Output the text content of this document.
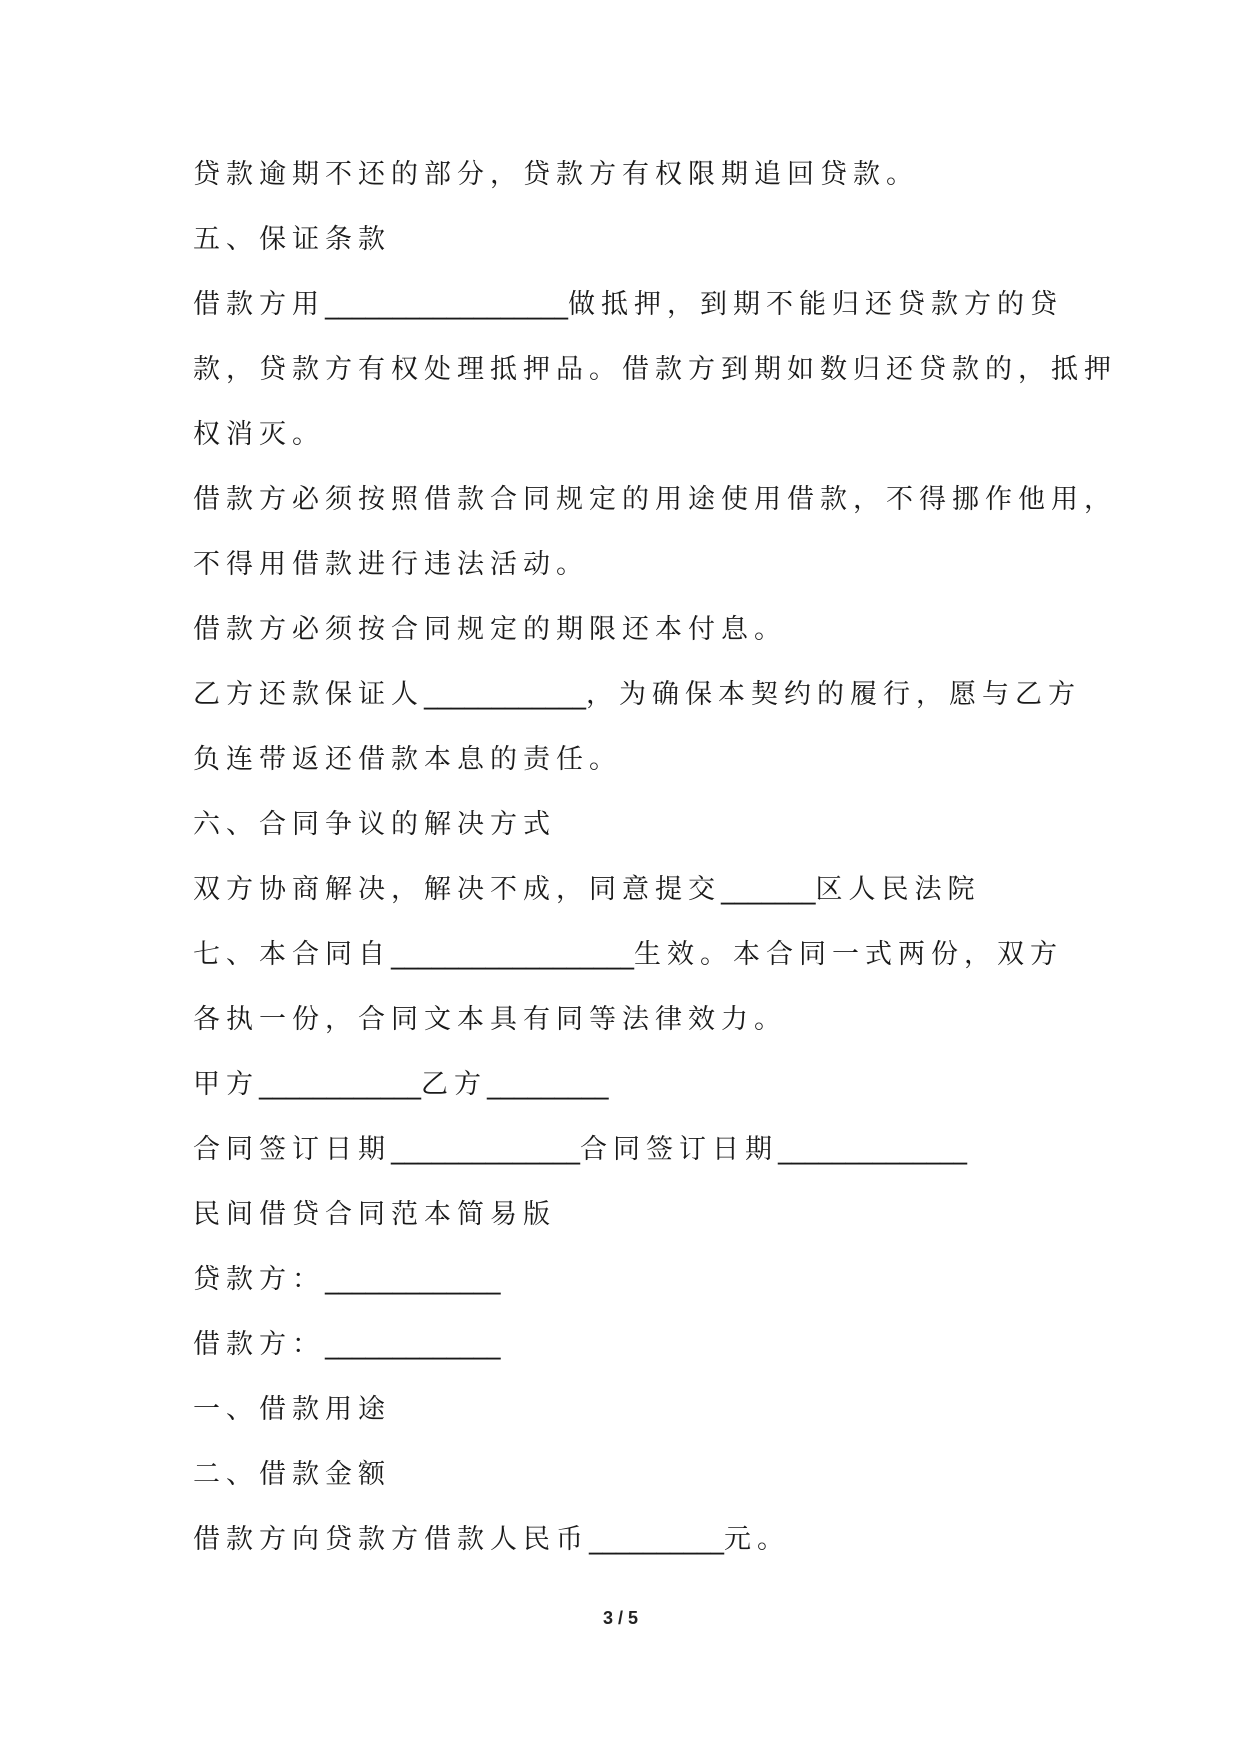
贷款逾期不还的部分，贷款方有权限期追回贷款。
五、保证条款
借款方用__________________做抵押，到期不能归还贷款方的贷
款，贷款方有权处理抵押品。借款方到期如数归还贷款的，抵押
权消灭。
借款方必须按照借款合同规定的用途使用借款，不得挪作他用，
不得用借款进行违法活动。
借款方必须按合同规定的期限还本付息。
乙方还款保证人____________，为确保本契约的履行，愿与乙方
负连带返还借款本息的责任。
六、合同争议的解决方式
双方协商解决，解决不成，同意提交_______区人民法院
七、本合同自__________________生效。本合同一式两份，双方
各执一份，合同文本具有同等法律效力。
甲方____________乙方_________
合同签订日期______________合同签订日期______________
民间借贷合同范本简易版
贷款方：_____________
借款方：_____________
一、借款用途
二、借款金额
借款方向贷款方借款人民币__________元。
3 / 5
